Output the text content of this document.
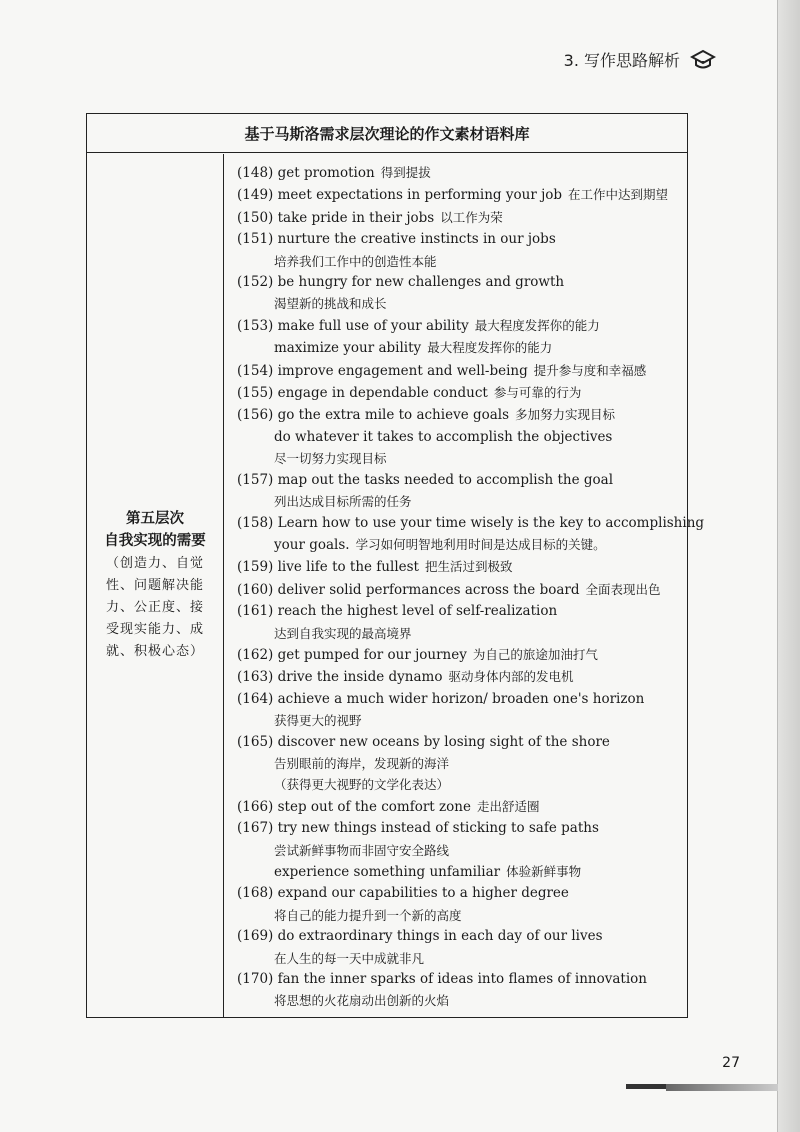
3. 写作思路解析
基于马斯洛需求层次理论的作文素材语料库
第五层次
自我实现的需要
（创造力、自觉性、问题解决能力、公正度、接受现实能力、成就、积极心态）
(148) get promotion 得到提拔
(149) meet expectations in performing your job 在工作中达到期望
(150) take pride in their jobs 以工作为荣
(151) nurture the creative instincts in our jobs
培养我们工作中的创造性本能
(152) be hungry for new challenges and growth
渴望新的挑战和成长
(153) make full use of your ability 最大程度发挥你的能力
maximize your ability 最大程度发挥你的能力
(154) improve engagement and well-being 提升参与度和幸福感
(155) engage in dependable conduct 参与可靠的行为
(156) go the extra mile to achieve goals 多加努力实现目标
do whatever it takes to accomplish the objectives
尽一切努力实现目标
(157) map out the tasks needed to accomplish the goal
列出达成目标所需的任务
(158) Learn how to use your time wisely is the key to accomplishing
your goals. 学习如何明智地利用时间是达成目标的关键。
(159) live life to the fullest 把生活过到极致
(160) deliver solid performances across the board 全面表现出色
(161) reach the highest level of self-realization
达到自我实现的最高境界
(162) get pumped for our journey 为自己的旅途加油打气
(163) drive the inside dynamo 驱动身体内部的发电机
(164) achieve a much wider horizon/ broaden one's horizon
获得更大的视野
(165) discover new oceans by losing sight of the shore
告别眼前的海岸，发现新的海洋
（获得更大视野的文学化表达）
(166) step out of the comfort zone 走出舒适圈
(167) try new things instead of sticking to safe paths
尝试新鲜事物而非固守安全路线
experience something unfamiliar 体验新鲜事物
(168) expand our capabilities to a higher degree
将自己的能力提升到一个新的高度
(169) do extraordinary things in each day of our lives
在人生的每一天中成就非凡
(170) fan the inner sparks of ideas into flames of innovation
将思想的火花扇动出创新的火焰
27
